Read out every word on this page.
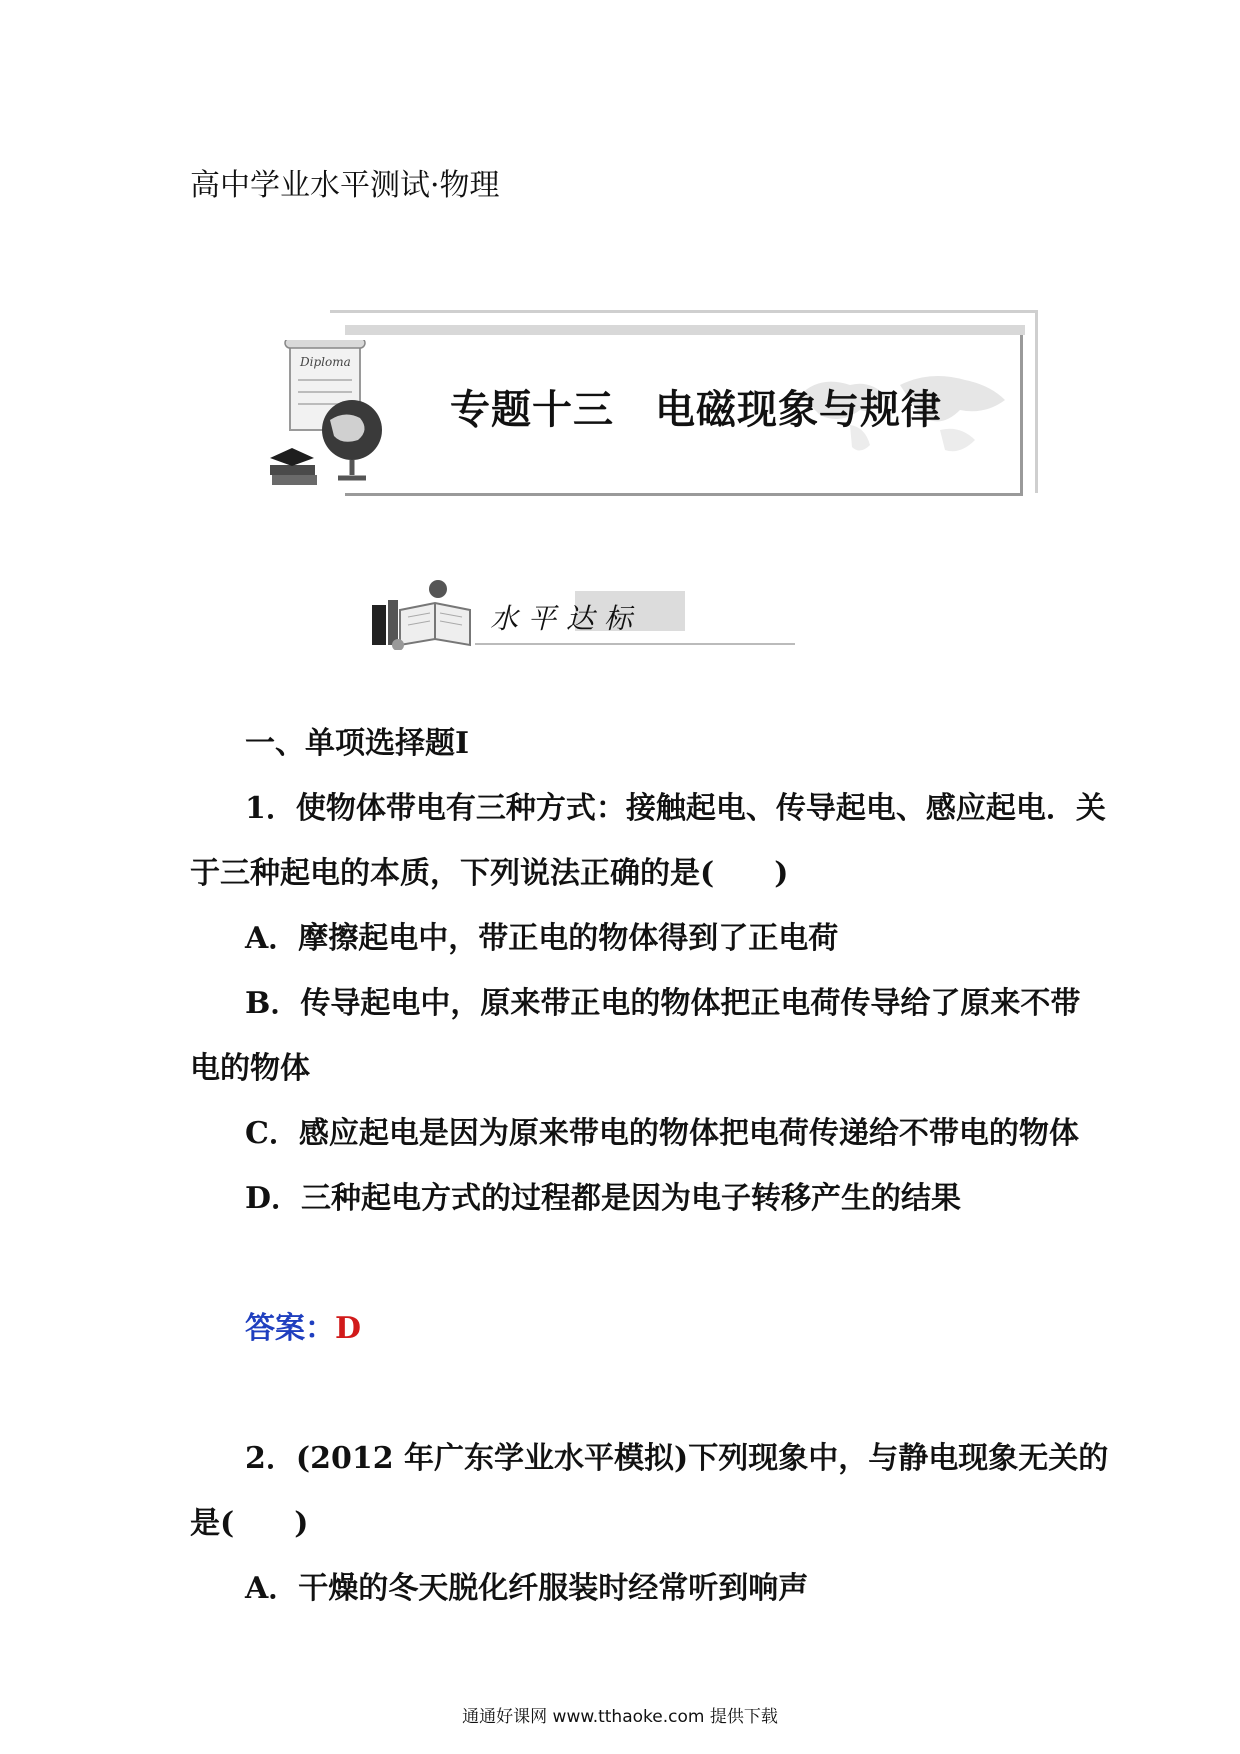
高中学业水平测试·物理
Diploma
专题十三　电磁现象与规律
水平达标
一、单项选择题Ⅰ
1．使物体带电有三种方式：接触起电、传导起电、感应起电．关
于三种起电的本质，下列说法正确的是(　　)
A．摩擦起电中，带正电的物体得到了正电荷
B．传导起电中，原来带正电的物体把正电荷传导给了原来不带
电的物体
C．感应起电是因为原来带电的物体把电荷传递给不带电的物体
D．三种起电方式的过程都是因为电子转移产生的结果
答案：D
2．(2012 年广东学业水平模拟)下列现象中，与静电现象无关的
是(　　)
A．干燥的冬天脱化纤服装时经常听到响声
通通好课网 www.tthaoke.com 提供下载
